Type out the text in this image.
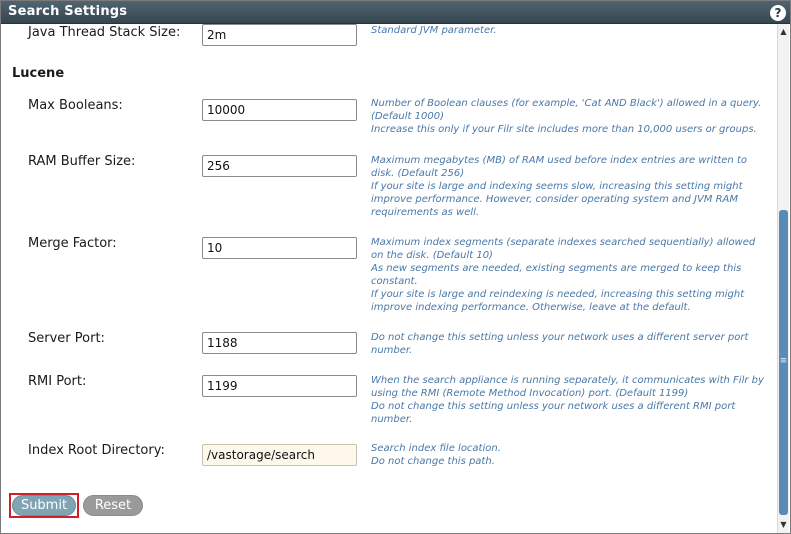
Search Settings	?
Java Thread Stack Size:
2m	Standard JVM parameter.

Lucene
Max Booleans:
10000	Number of Boolean clauses (for example, 'Cat AND Black') allowed in a query. (Default 1000)

Increase this only if your Filr site includes more than 10,000 users or groups.

RAM Buffer Size:
256	Maximum megabytes (MB) of RAM used before index entries are written to disk. (Default 256)

If your site is large and indexing seems slow, increasing this setting might improve performance. However, consider operating system and JVM RAM requirements as well.

Merge Factor:
10	Maximum index segments (separate indexes searched sequentially) allowed on the disk. (Default 10)

As new segments are needed, existing segments are merged to keep this constant.

If your site is large and reindexing is needed, increasing this setting might improve indexing performance. Otherwise, leave at the default.

Server Port:
1188	Do not change this setting unless your network uses a different server port number.

RMI Port:
1199	When the search appliance is running separately, it communicates with Filr by using the RMI (Remote Method Invocation) port. (Default 1199)

Do not change this setting unless your network uses a different RMI port number.

Index Root Directory:
/vastorage/search	Search index file location.

Do not change this path.

Submit	Reset
▲
≡
▼
